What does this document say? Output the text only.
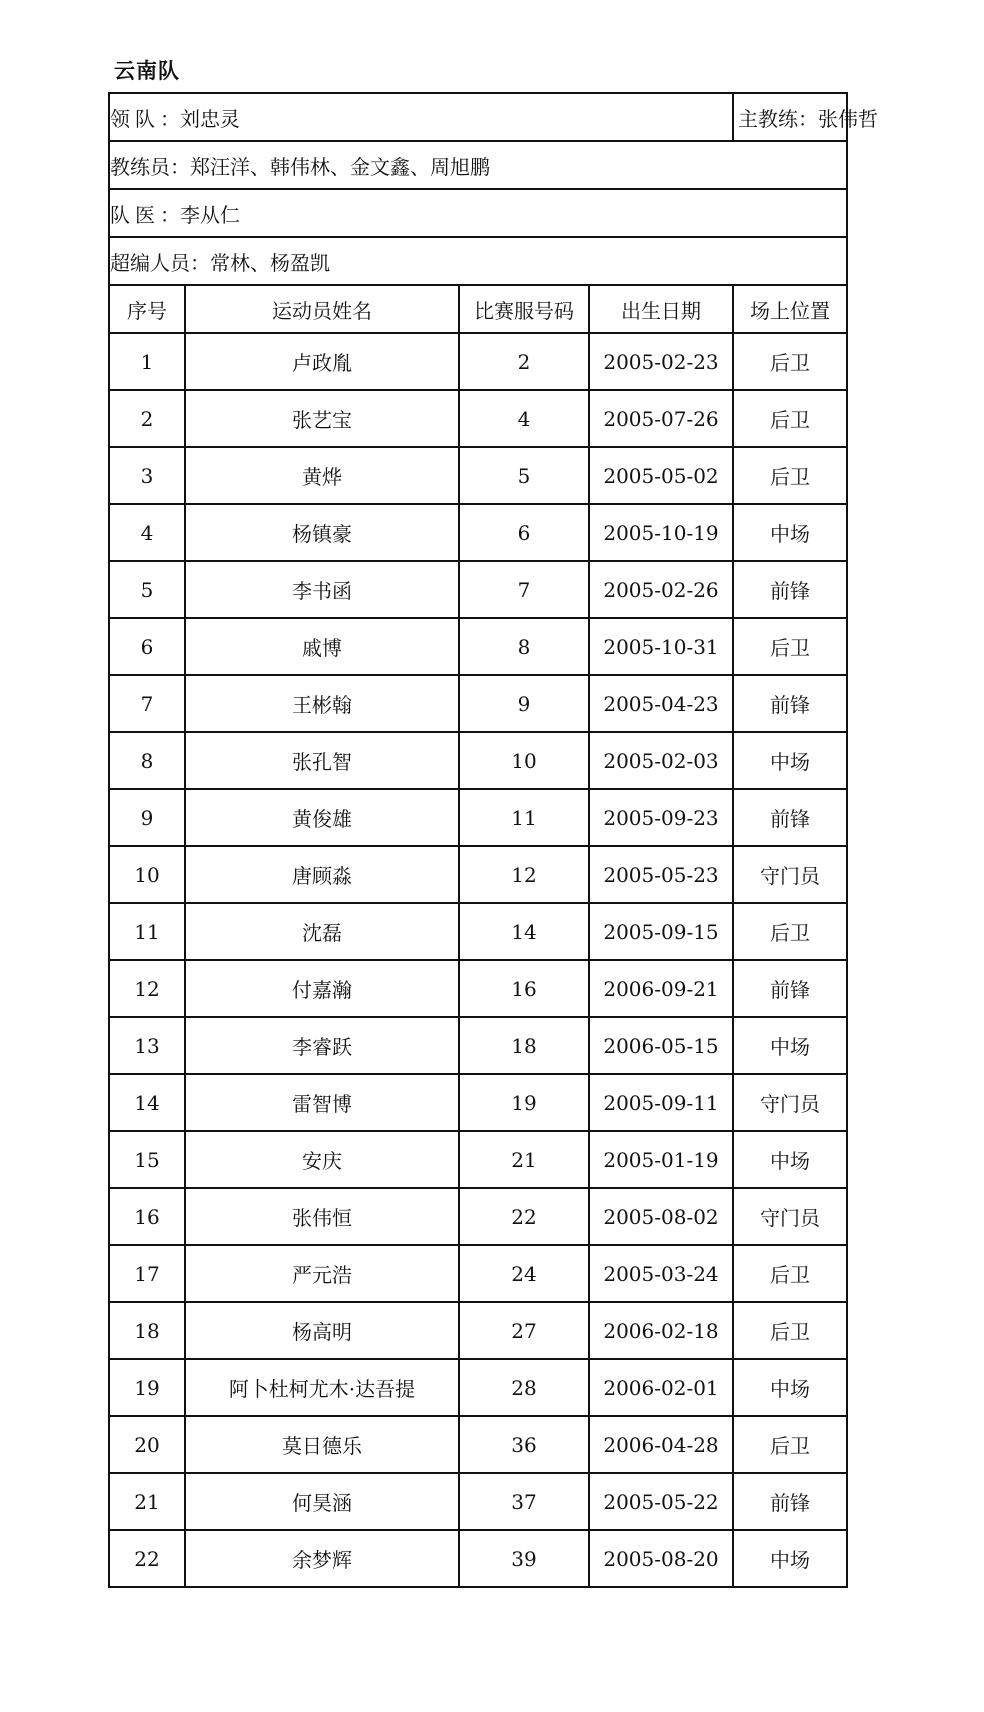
云南队
领队：刘忠灵				主教练：张伟哲
教练员：郑汪洋、韩伟林、金文鑫、周旭鹏				
队医：李从仁				
超编人员：常林、杨盈凯				
序号	运动员姓名	比赛服号码	出生日期	场上位置
1	卢政胤	2	2005-02-23	后卫
2	张艺宝	4	2005-07-26	后卫
3	黄烨	5	2005-05-02	后卫
4	杨镇豪	6	2005-10-19	中场
5	李书函	7	2005-02-26	前锋
6	戚博	8	2005-10-31	后卫
7	王彬翰	9	2005-04-23	前锋
8	张孔智	10	2005-02-03	中场
9	黄俊雄	11	2005-09-23	前锋
10	唐顾淼	12	2005-05-23	守门员
11	沈磊	14	2005-09-15	后卫
12	付嘉瀚	16	2006-09-21	前锋
13	李睿跃	18	2006-05-15	中场
14	雷智博	19	2005-09-11	守门员
15	安庆	21	2005-01-19	中场
16	张伟恒	22	2005-08-02	守门员
17	严元浩	24	2005-03-24	后卫
18	杨高明	27	2006-02-18	后卫
19	阿卜杜柯尤木·达吾提	28	2006-02-01	中场
20	莫日德乐	36	2006-04-28	后卫
21	何昊涵	37	2005-05-22	前锋
22	余梦辉	39	2005-08-20	中场
